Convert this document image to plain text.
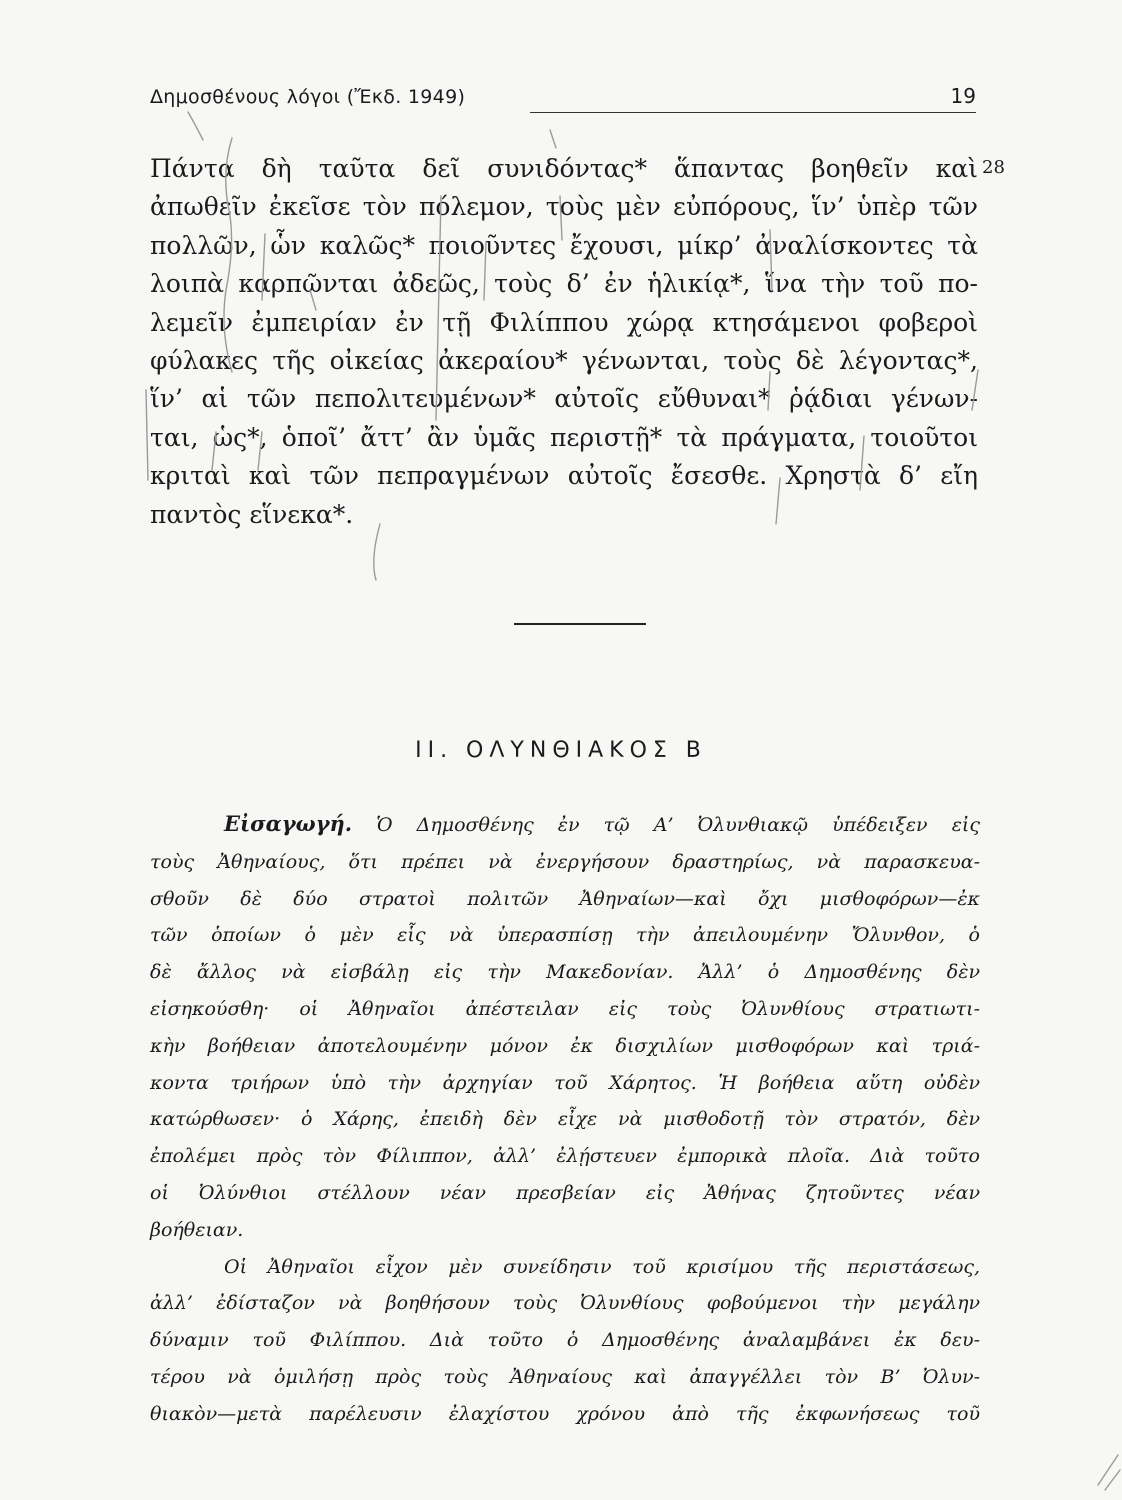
Δημοσθένους λόγοι (Ἔκδ. 1949)	19
Πάντα δὴ ταῦτα δεῖ συνιδόντας* ἅπαντας βοηθεῖν καὶ
ἀπωθεῖν ἐκεῖσε τὸν πόλεμον, τοὺς μὲν εὐπόρους, ἵν’ ὑπὲρ τῶν
πολλῶν, ὧν καλῶς* ποιοῦντες ἔχουσι, μίκρ’ ἀναλίσκοντες τὰ
λοιπὰ καρπῶνται ἀδεῶς, τοὺς δ’ ἐν ἡλικίᾳ*, ἵνα τὴν τοῦ πο-
λεμεῖν ἐμπειρίαν ἐν τῇ Φιλίππου χώρᾳ κτησάμενοι φοβεροὶ
φύλακες τῆς οἰκείας ἀκεραίου* γένωνται, τοὺς δὲ λέγοντας*,
ἵν’ αἱ τῶν πεπολιτευμένων* αὐτοῖς εὔθυναι* ῥᾴδιαι γένων-
ται, ὡς*, ὁποῖ’ ἄττ’ ἂν ὑμᾶς περιστῇ* τὰ πράγματα, τοιοῦτοι
κριταὶ καὶ τῶν πεπραγμένων αὐτοῖς ἔσεσθε. Χρηστὰ δ’ εἴη
παντὸς εἵνεκα*.
28
II. ΟΛΥΝΘΙΑΚΟΣ Β
Εἰσαγωγή. Ὁ Δημοσθένης ἐν τῷ Α’ Ὀλυνθιακῷ ὑπέδειξεν εἰς
τοὺς Ἀθηναίους, ὅτι πρέπει νὰ ἐνεργήσουν δραστηρίως, νὰ παρασκευα-
σθοῦν δὲ δύο στρατοὶ πολιτῶν Ἀθηναίων—καὶ ὄχι μισθοφόρων—ἐκ
τῶν ὁποίων ὁ μὲν εἷς νὰ ὑπερασπίσῃ τὴν ἀπειλουμένην Ὄλυνθον, ὁ
δὲ ἄλλος νὰ εἰσβάλῃ εἰς τὴν Μακεδονίαν. Ἀλλ’ ὁ Δημοσθένης δὲν
εἰσηκούσθη· οἱ Ἀθηναῖοι ἀπέστειλαν εἰς τοὺς Ὀλυνθίους στρατιωτι-
κὴν βοήθειαν ἀποτελουμένην μόνον ἐκ δισχιλίων μισθοφόρων καὶ τριά-
κοντα τριήρων ὑπὸ τὴν ἀρχηγίαν τοῦ Χάρητος. Ἡ βοήθεια αὕτη οὐδὲν
κατώρθωσεν· ὁ Χάρης, ἐπειδὴ δὲν εἶχε νὰ μισθοδοτῇ τὸν στρατόν, δὲν
ἐπολέμει πρὸς τὸν Φίλιππον, ἀλλ’ ἐλῄστευεν ἐμπορικὰ πλοῖα. Διὰ τοῦτο
οἱ Ὀλύνθιοι στέλλουν νέαν πρεσβείαν εἰς Ἀθήνας ζητοῦντες νέαν
βοήθειαν.
Οἱ Ἀθηναῖοι εἶχον μὲν συνείδησιν τοῦ κρισίμου τῆς περιστάσεως,
ἀλλ’ ἐδίσταζον νὰ βοηθήσουν τοὺς Ὀλυνθίους φοβούμενοι τὴν μεγάλην
δύναμιν τοῦ Φιλίππου. Διὰ τοῦτο ὁ Δημοσθένης ἀναλαμβάνει ἐκ δευ-
τέρου νὰ ὁμιλήσῃ πρὸς τοὺς Ἀθηναίους καὶ ἀπαγγέλλει τὸν Β’ Ὀλυν-
θιακὸν—μετὰ παρέλευσιν ἐλαχίστου χρόνου ἀπὸ τῆς ἐκφωνήσεως τοῦ
